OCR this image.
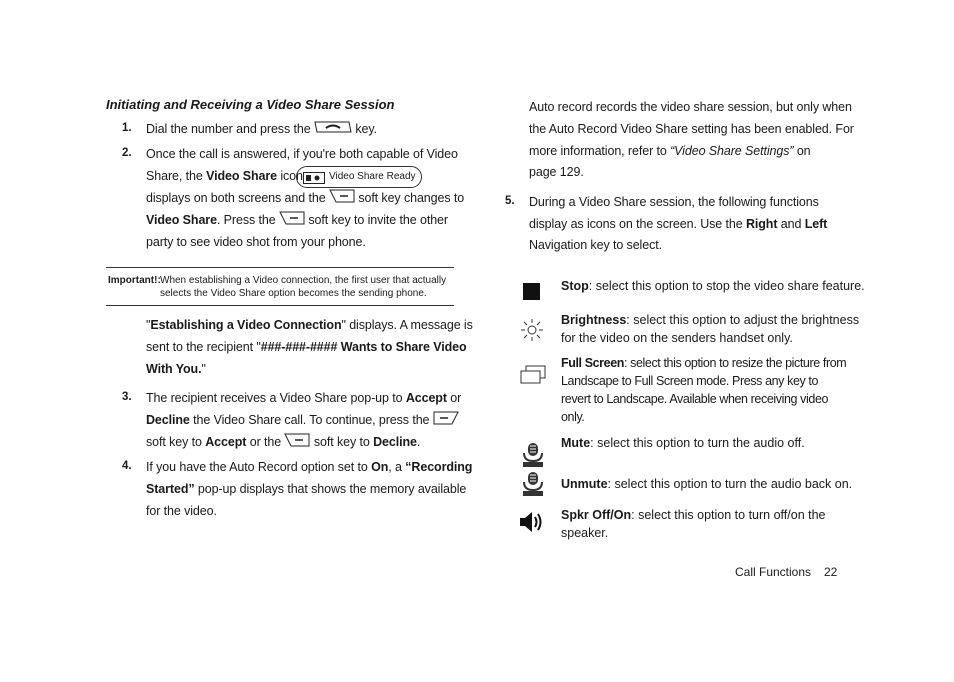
Initiating and Receiving a Video Share Session
1. Dial the number and press the	key.
2. Once the call is answered, if you're both capable of Video
Share, the Video Share icon	Video Share Ready
displays on both screens and the	soft key changes to
Video Share. Press the	soft key to invite the other
party to see video shot from your phone.
Important!: When establishing a Video connection, the first user that actually
selects the Video Share option becomes the sending phone.
"Establishing a Video Connection" displays. A message is
sent to the recipient "###-###-#### Wants to Share Video
With You."
3. The recipient receives a Video Share pop-up to Accept or
Decline the Video Share call. To continue, press the
soft key to Accept or the	soft key to Decline.
4. If you have the Auto Record option set to On, a “Recording
Started” pop-up displays that shows the memory available
for the video.
Auto record records the video share session, but only when
the Auto Record Video Share setting has been enabled. For
more information, refer to “Video Share Settings” on
page 129.
5. During a Video Share session, the following functions
display as icons on the screen. Use the Right and Left
Navigation key to select.
Stop: select this option to stop the video share feature.
Brightness: select this option to adjust the brightness
for the video on the senders handset only.
Full Screen: select this option to resize the picture from
Landscape to Full Screen mode. Press any key to
revert to Landscape. Available when receiving video
only.
Mute: select this option to turn the audio off.
Unmute: select this option to turn the audio back on.
Spkr Off/On: select this option to turn off/on the
speaker.
Call Functions 22
